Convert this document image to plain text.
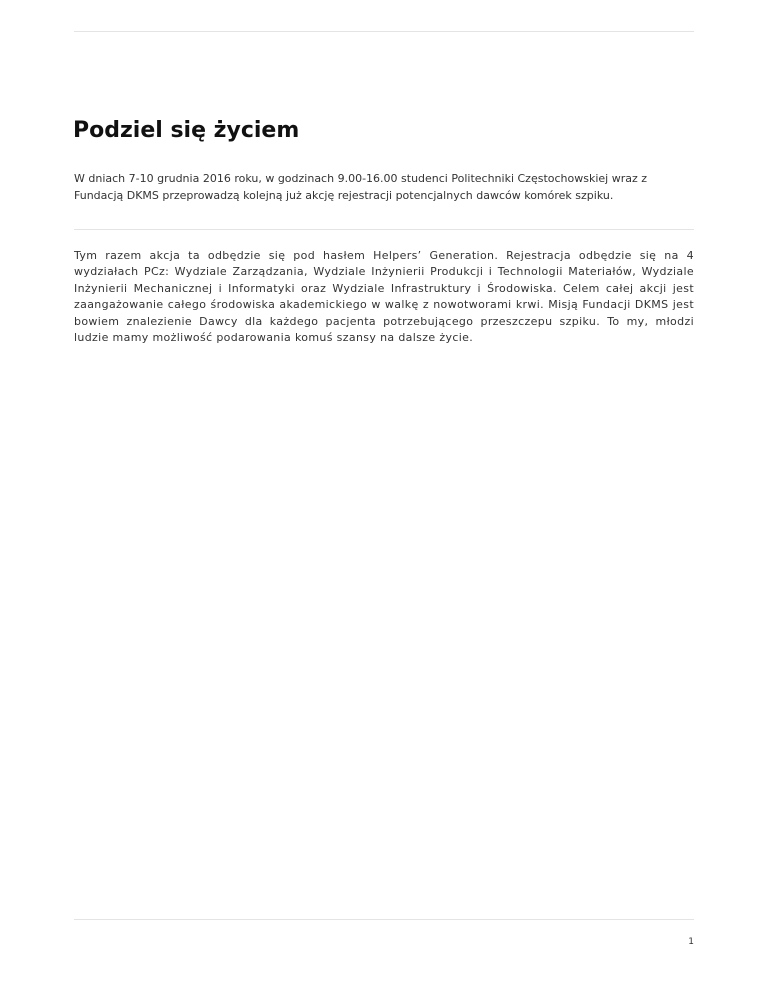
Podziel się życiem

W dniach 7-10 grudnia 2016 roku, w godzinach 9.00-16.00 studenci Politechniki Częstochowskiej wraz z Fundacją DKMS przeprowadzą kolejną już akcję rejestracji potencjalnych dawców komórek szpiku.

Tym razem akcja ta odbędzie się pod hasłem Helpers’ Generation. Rejestracja odbędzie się na 4 wydziałach PCz: Wydziale Zarządzania, Wydziale Inżynierii Produkcji i Technologii Materiałów, Wydziale Inżynierii Mechanicznej i Informatyki oraz Wydziale Infrastruktury i Środowiska. Celem całej akcji jest zaangażowanie całego środowiska akademickiego w walkę z nowotworami krwi. Misją Fundacji DKMS jest bowiem znalezienie Dawcy dla każdego pacjenta potrzebującego przeszczepu szpiku. To my, młodzi ludzie mamy możliwość podarowania komuś szansy na dalsze życie.

1
